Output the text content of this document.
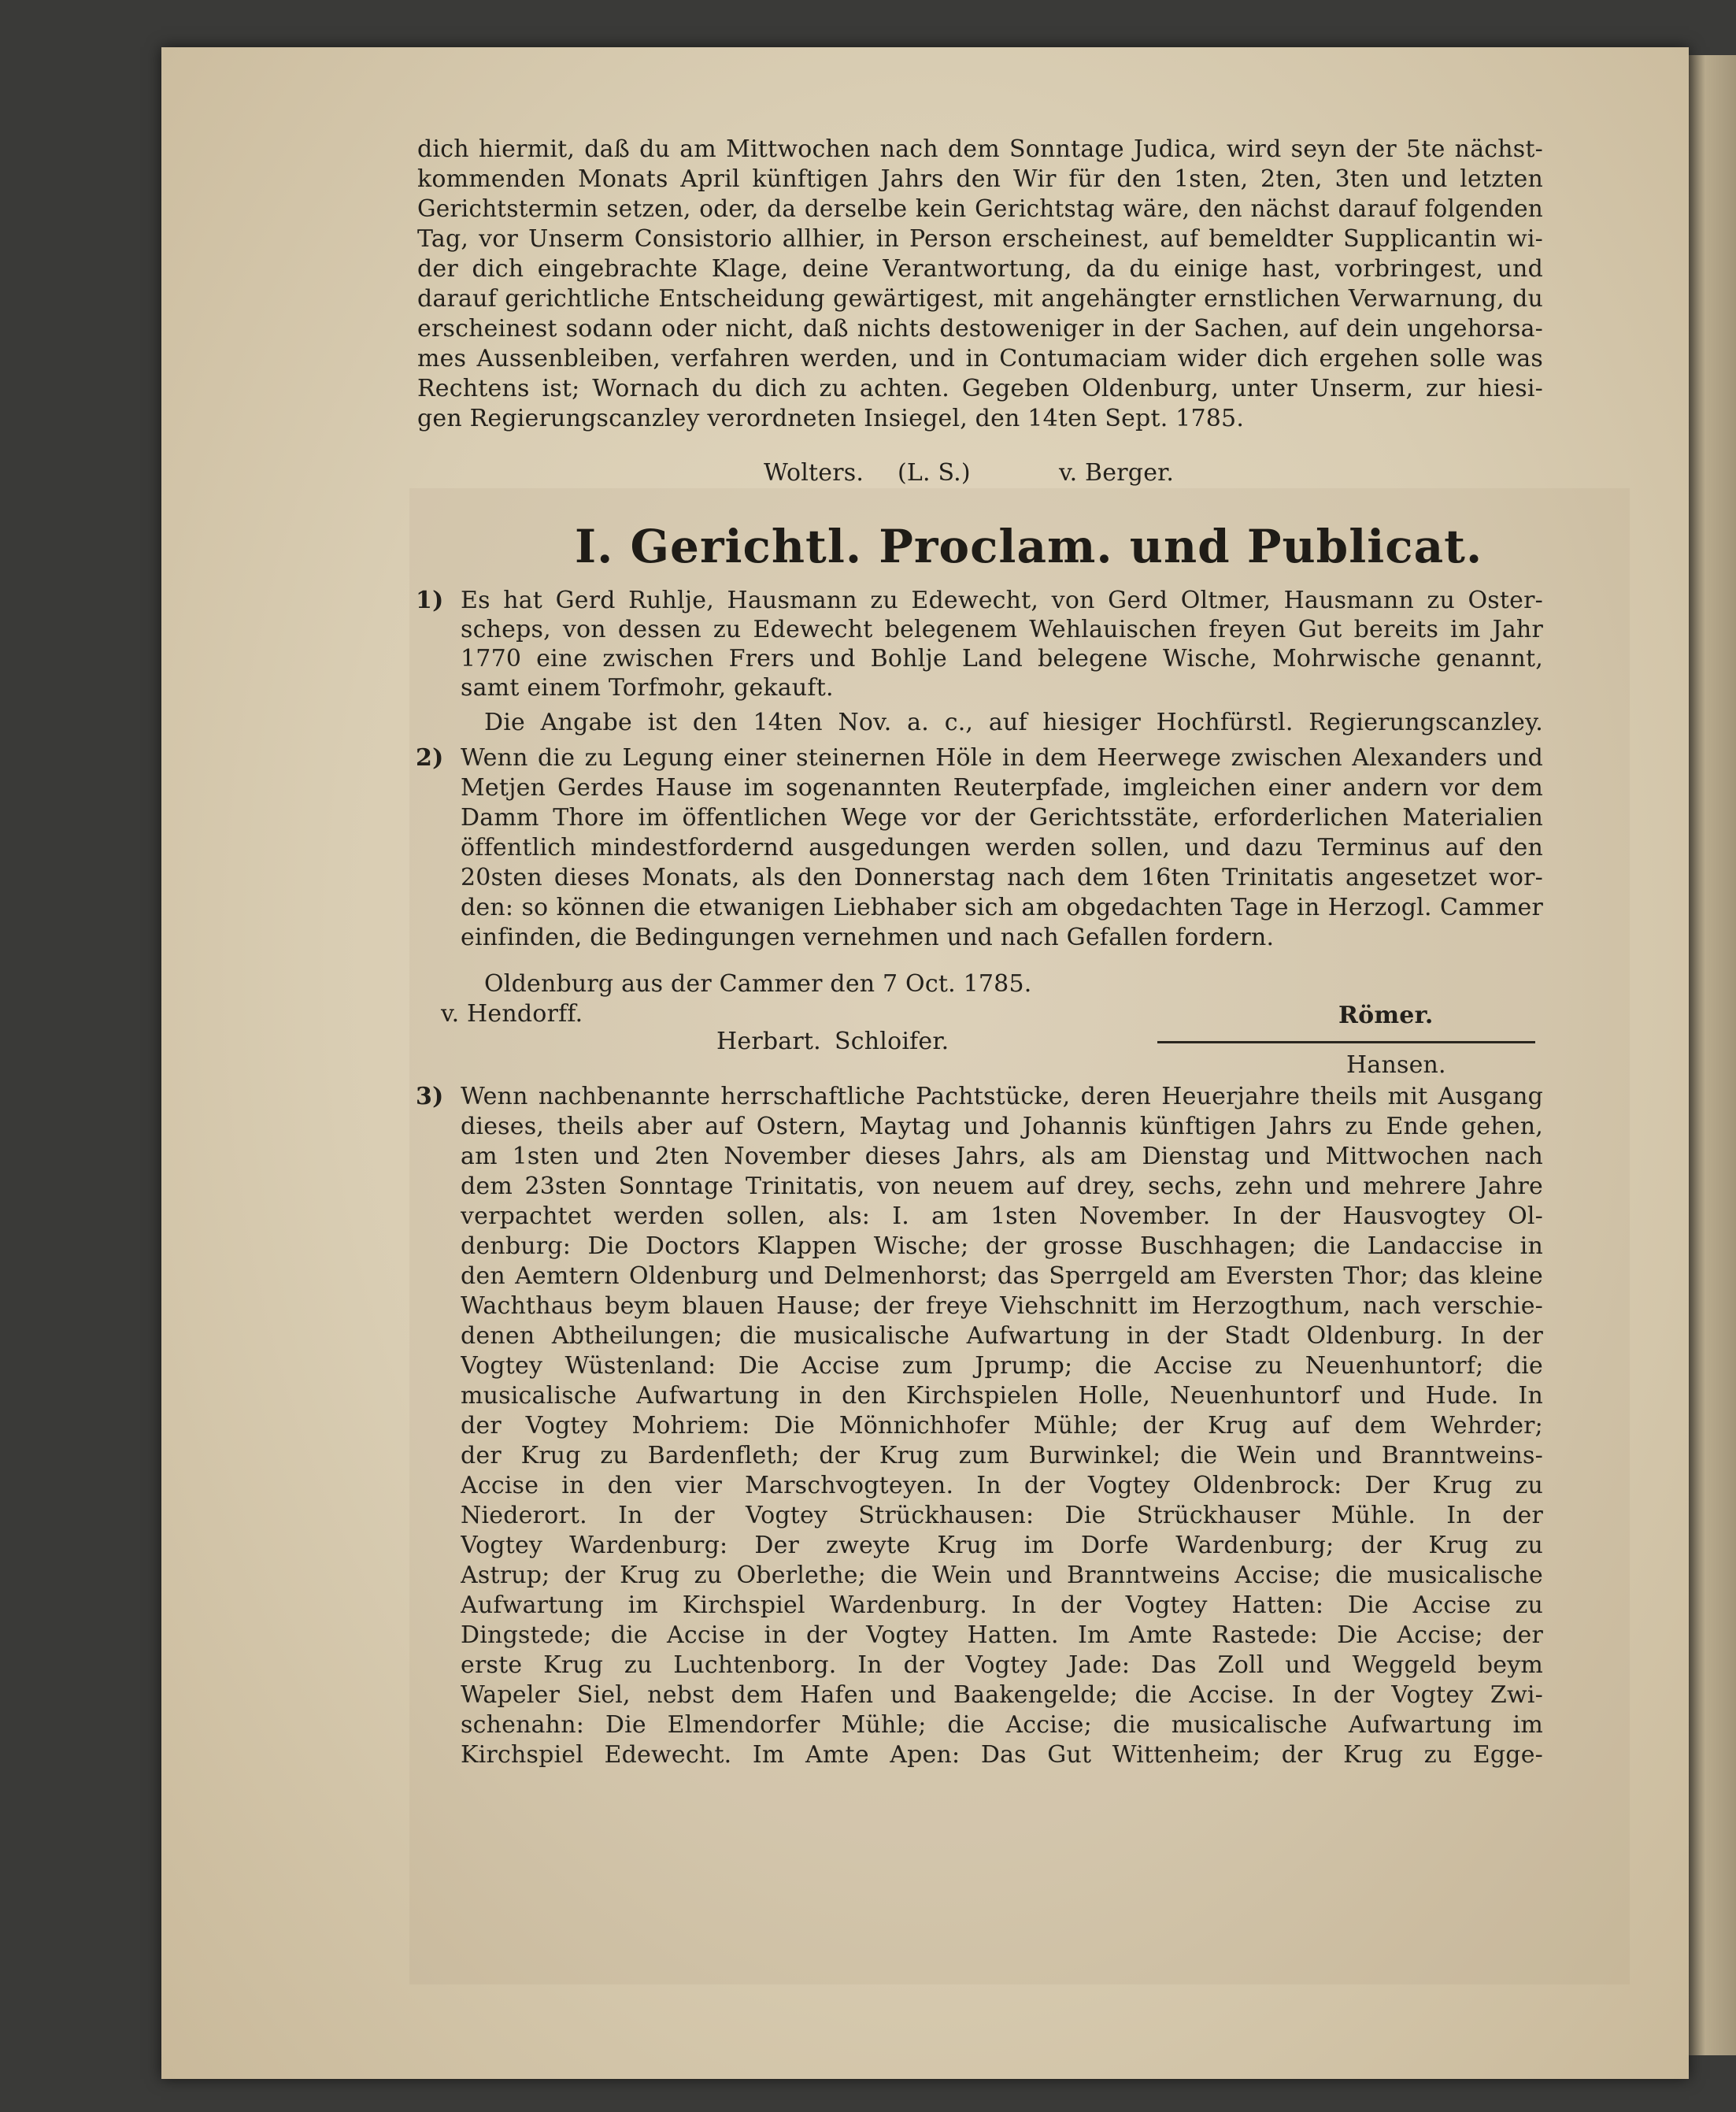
dich hiermit, daß du am Mittwochen nach dem Sonntage Judica, wird seyn der 5te nächst-
kommenden Monats April künftigen Jahrs den Wir für den 1sten, 2ten, 3ten und letzten
Gerichtstermin setzen, oder, da derselbe kein Gerichtstag wäre, den nächst darauf folgenden
Tag, vor Unserm Consistorio allhier, in Person erscheinest, auf bemeldter Supplicantin wi-
der dich eingebrachte Klage, deine Verantwortung, da du einige hast, vorbringest, und
darauf gerichtliche Entscheidung gewärtigest, mit angehängter ernstlichen Verwarnung, du
erscheinest sodann oder nicht, daß nichts destoweniger in der Sachen, auf dein ungehorsa-
mes Aussenbleiben, verfahren werden, und in Contumaciam wider dich ergehen solle was
Rechtens ist; Wornach du dich zu achten. Gegeben Oldenburg, unter Unserm, zur hiesi-
gen Regierungscanzley verordneten Insiegel, den 14ten Sept. 1785.
Wolters. (L. S.)	v. Berger.
I. Gerichtl. Proclam. und Publicat.
1) Es hat Gerd Ruhlje, Hausmann zu Edewecht, von Gerd Oltmer, Hausmann zu Oster-
scheps, von dessen zu Edewecht belegenem Wehlauischen freyen Gut bereits im Jahr
1770 eine zwischen Frers und Bohlje Land belegene Wische, Mohrwische genannt,
samt einem Torfmohr, gekauft.
Die Angabe ist den 14ten Nov. a. c., auf hiesiger Hochfürstl. Regierungscanzley.
2) Wenn die zu Legung einer steinernen Höle in dem Heerwege zwischen Alexanders und
Metjen Gerdes Hause im sogenannten Reuterpfade, imgleichen einer andern vor dem
Damm Thore im öffentlichen Wege vor der Gerichtsstäte, erforderlichen Materialien
öffentlich mindestfordernd ausgedungen werden sollen, und dazu Terminus auf den
20sten dieses Monats, als den Donnerstag nach dem 16ten Trinitatis angesetzet wor-
den: so können die etwanigen Liebhaber sich am obgedachten Tage in Herzogl. Cammer
einfinden, die Bedingungen vernehmen und nach Gefallen fordern.
Oldenburg aus der Cammer den 7 Oct. 1785.
v. Hendorff.	Römer.
Herbart. Schloifer.
Hansen.
3) Wenn nachbenannte herrschaftliche Pachtstücke, deren Heuerjahre theils mit Ausgang
dieses, theils aber auf Ostern, Maytag und Johannis künftigen Jahrs zu Ende gehen,
am 1sten und 2ten November dieses Jahrs, als am Dienstag und Mittwochen nach
dem 23sten Sonntage Trinitatis, von neuem auf drey, sechs, zehn und mehrere Jahre
verpachtet werden sollen, als: I. am 1sten November. In der Hausvogtey Ol-
denburg: Die Doctors Klappen Wische; der grosse Buschhagen; die Landaccise in
den Aemtern Oldenburg und Delmenhorst; das Sperrgeld am Eversten Thor; das kleine
Wachthaus beym blauen Hause; der freye Viehschnitt im Herzogthum, nach verschie-
denen Abtheilungen; die musicalische Aufwartung in der Stadt Oldenburg. In der
Vogtey Wüstenland: Die Accise zum Jprump; die Accise zu Neuenhuntorf; die
musicalische Aufwartung in den Kirchspielen Holle, Neuenhuntorf und Hude. In
der Vogtey Mohriem: Die Mönnichhofer Mühle; der Krug auf dem Wehrder;
der Krug zu Bardenfleth; der Krug zum Burwinkel; die Wein und Branntweins-
Accise in den vier Marschvogteyen. In der Vogtey Oldenbrock: Der Krug zu
Niederort. In der Vogtey Strückhausen: Die Strückhauser Mühle. In der
Vogtey Wardenburg: Der zweyte Krug im Dorfe Wardenburg; der Krug zu
Astrup; der Krug zu Oberlethe; die Wein und Branntweins Accise; die musicalische
Aufwartung im Kirchspiel Wardenburg. In der Vogtey Hatten: Die Accise zu
Dingstede; die Accise in der Vogtey Hatten. Im Amte Rastede: Die Accise; der
erste Krug zu Luchtenborg. In der Vogtey Jade: Das Zoll und Weggeld beym
Wapeler Siel, nebst dem Hafen und Baakengelde; die Accise. In der Vogtey Zwi-
schenahn: Die Elmendorfer Mühle; die Accise; die musicalische Aufwartung im
Kirchspiel Edewecht. Im Amte Apen: Das Gut Wittenheim; der Krug zu Egge-
